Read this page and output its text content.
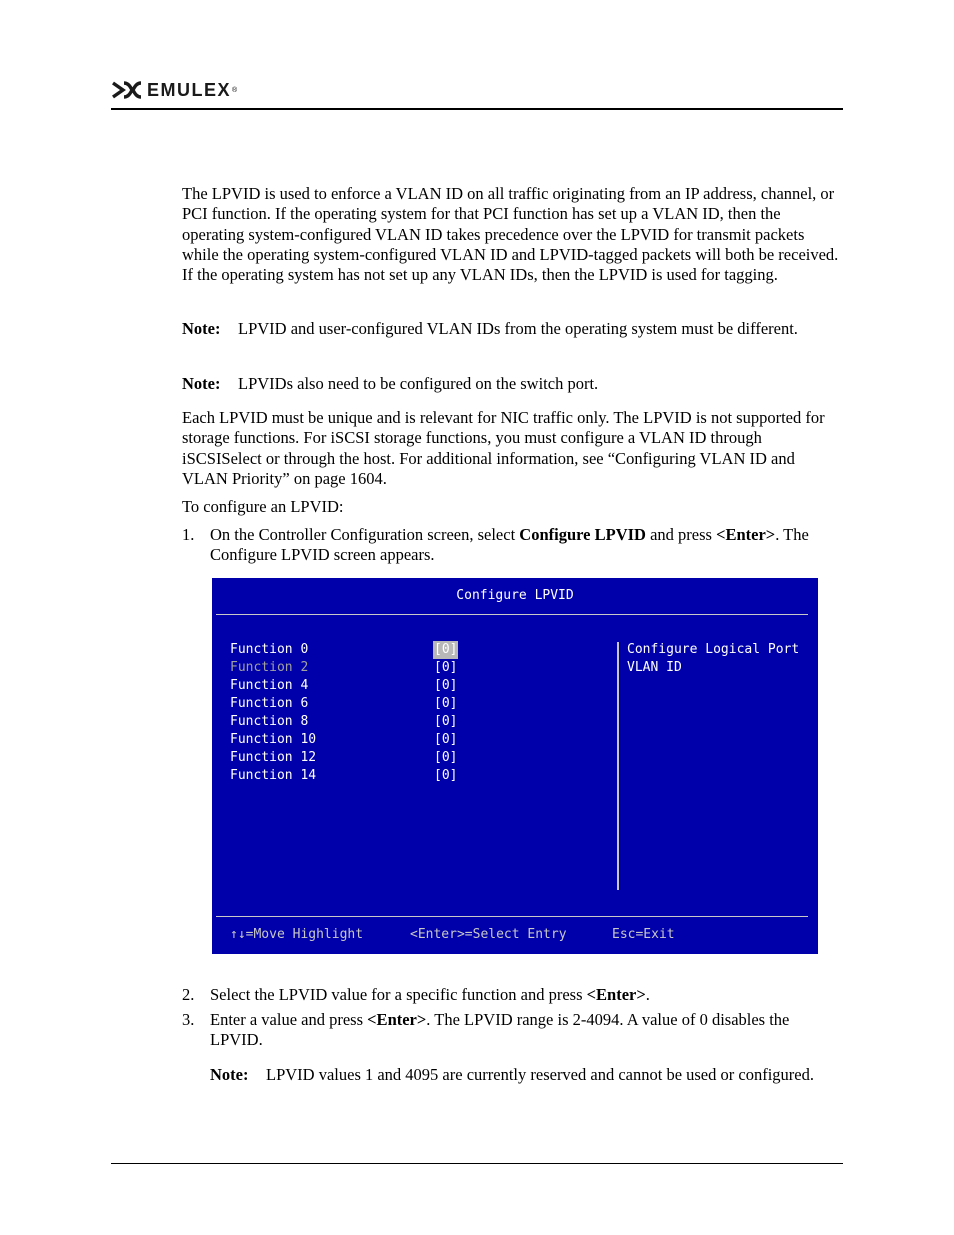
EMULEX ®
The LPVID is used to enforce a VLAN ID on all traffic originating from an IP address, channel, or PCI function. If the operating system for that PCI function has set up a VLAN ID, then the operating system-configured VLAN ID takes precedence over the LPVID for transmit packets while the operating system-configured VLAN ID and LPVID-tagged packets will both be received. If the operating system has not set up any VLAN IDs, then the LPVID is used for tagging.
Note:	LPVID and user-configured VLAN IDs from the operating system must be different.
Note:	LPVIDs also need to be configured on the switch port.
Each LPVID must be unique and is relevant for NIC traffic only. The LPVID is not supported for storage functions. For iSCSI storage functions, you must configure a VLAN ID through iSCSISelect or through the host. For additional information, see “Configuring VLAN ID and VLAN Priority” on page 1604.
To configure an LPVID:
1. On the Controller Configuration screen, select Configure LPVID and press <Enter>. The Configure LPVID screen appears.
Configure LPVID
Function 0	[0]
Function 2	[0]
Function 4	[0]
Function 6	[0]
Function 8	[0]
Function 10	[0]
Function 12	[0]
Function 14	[0]
Configure Logical Port
VLAN ID
↑↓=Move Highlight	<Enter>=Select Entry	Esc=Exit
2. Select the LPVID value for a specific function and press <Enter>.
3. Enter a value and press <Enter>. The LPVID range is 2-4094. A value of 0 disables the LPVID.
Note:	LPVID values 1 and 4095 are currently reserved and cannot be used or configured.
